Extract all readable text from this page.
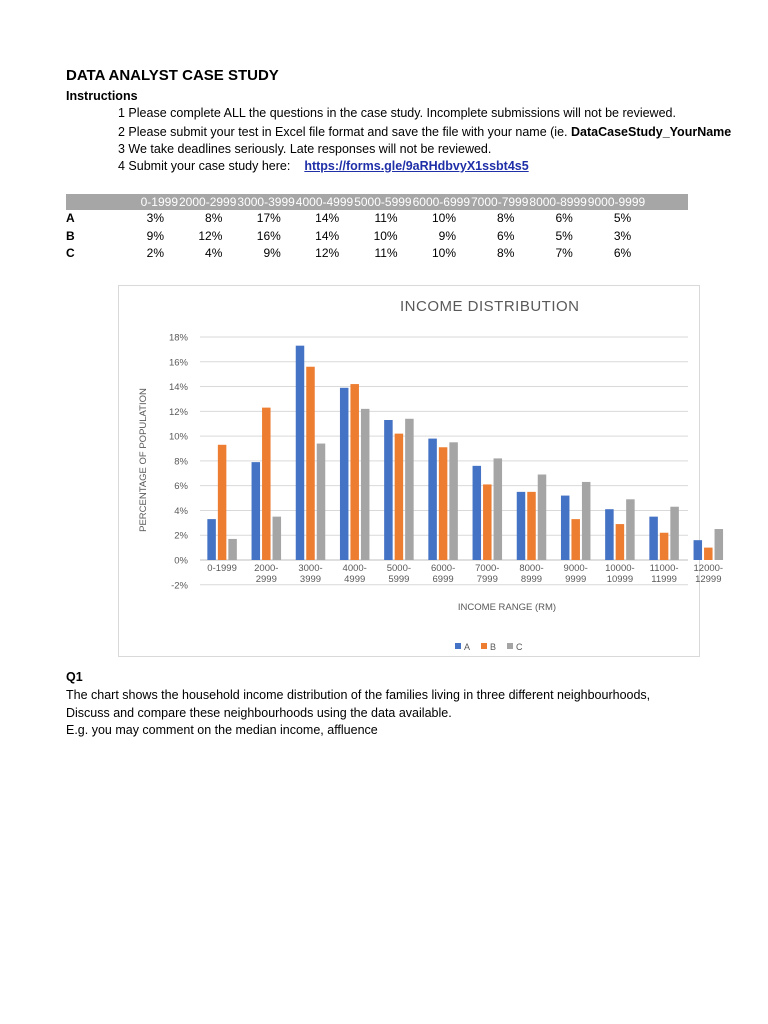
DATA ANALYST CASE STUDY
Instructions
1 Please complete ALL the questions in the case study. Incomplete submissions will not be reviewed.
2 Please submit your test in Excel file format and save the file with your name (ie. DataCaseStudy_YourName
3 We take deadlines seriously. Late responses will not be reviewed.
4 Submit your case study here: https://forms.gle/9aRHdbvyX1ssbt4s5
0-1999 2000-2999 3000-3999 4000-4999 5000-5999 6000-6999 7000-7999 8000-8999 9000-9999
A	3%	8%	17%	14%	11%	10%	8%	6%	5%
B	9%	12%	16%	14%	10%	9%	6%	5%	3%
C	2%	4%	9%	12%	11%	10%	8%	7%	6%
INCOME DISTRIBUTION
-2%
0%
2%
4%
6%
8%
10%
12%
14%
16%
18%
0-1999 2000-2999
3000-3999
4000-4999
5000-5999
6000-6999
7000-7999
8000-8999
9000-9999
10000-10999
11000-11999
12000-12999
INCOME RANGE (RM)
PERCENTAGE OF POPULATION
A B C
Q1
The chart shows the household income distribution of the families living in three different neighbourhoods,
Discuss and compare these neighbourhoods using the data available.
E.g. you may comment on the median income, affluence
